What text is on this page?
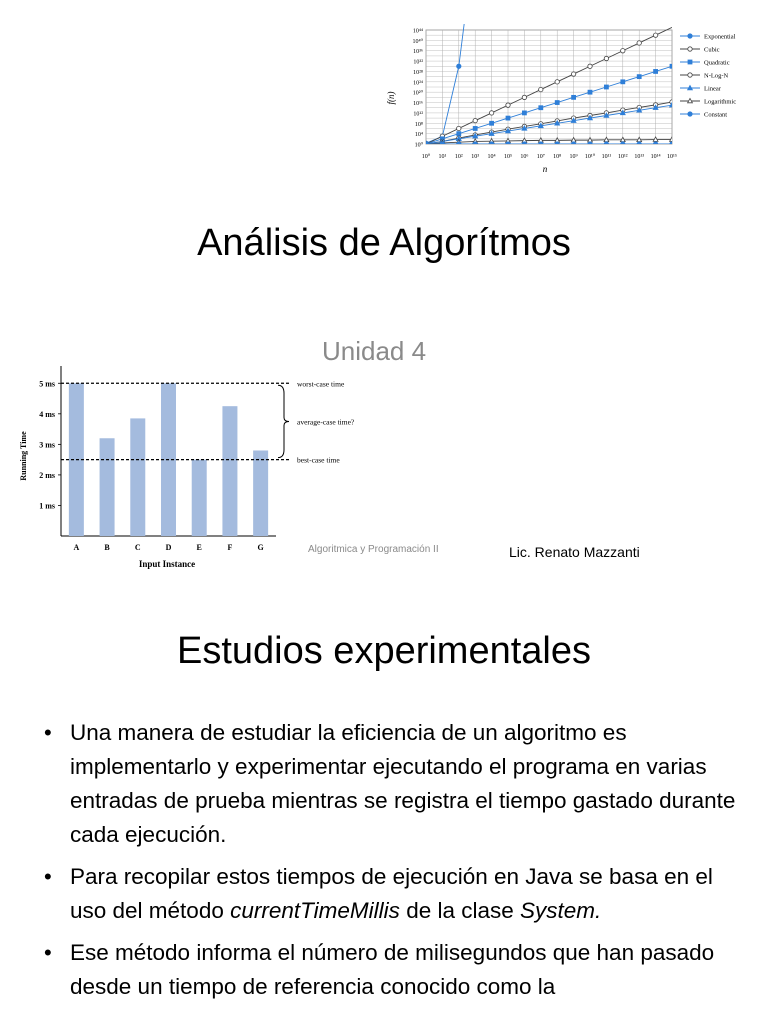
10⁰
10⁴
10⁸
10¹²
10¹⁶
10²⁰
10²⁴
10²⁸
10³²
10³⁶
10⁴⁰
10⁴⁴
10⁰ 10¹ 10² 10³ 10⁴ 10⁵ 10⁶ 10⁷ 10⁸ 10⁹ 10¹⁰ 10¹¹ 10¹² 10¹³ 10¹⁴ 10¹⁵
Exponential
Cubic
Quadratic
N-Log-N
Linear
Logarithmic
Constant
f(n)
n
Análisis de Algorítmos
Unidad 4
1 ms
2 ms
3 ms
4 ms
5 ms
A	B	C	D	E	F	G
worst-case time
best-case time
average-case time?
Running Time
Input Instance
Algoritmica y Programación II	Lic. Renato Mazzanti
Estudios experimentales
• Una manera de estudiar la eficiencia de un algoritmo es implementarlo y experimentar ejecutando el programa en varias entradas de prueba mientras se registra el tiempo gastado durante cada ejecución.
• Para recopilar estos tiempos de ejecución en Java se basa en el uso del método currentTimeMillis de la clase System.
• Ese método informa el número de milisegundos que han pasado desde un tiempo de referencia conocido como la
